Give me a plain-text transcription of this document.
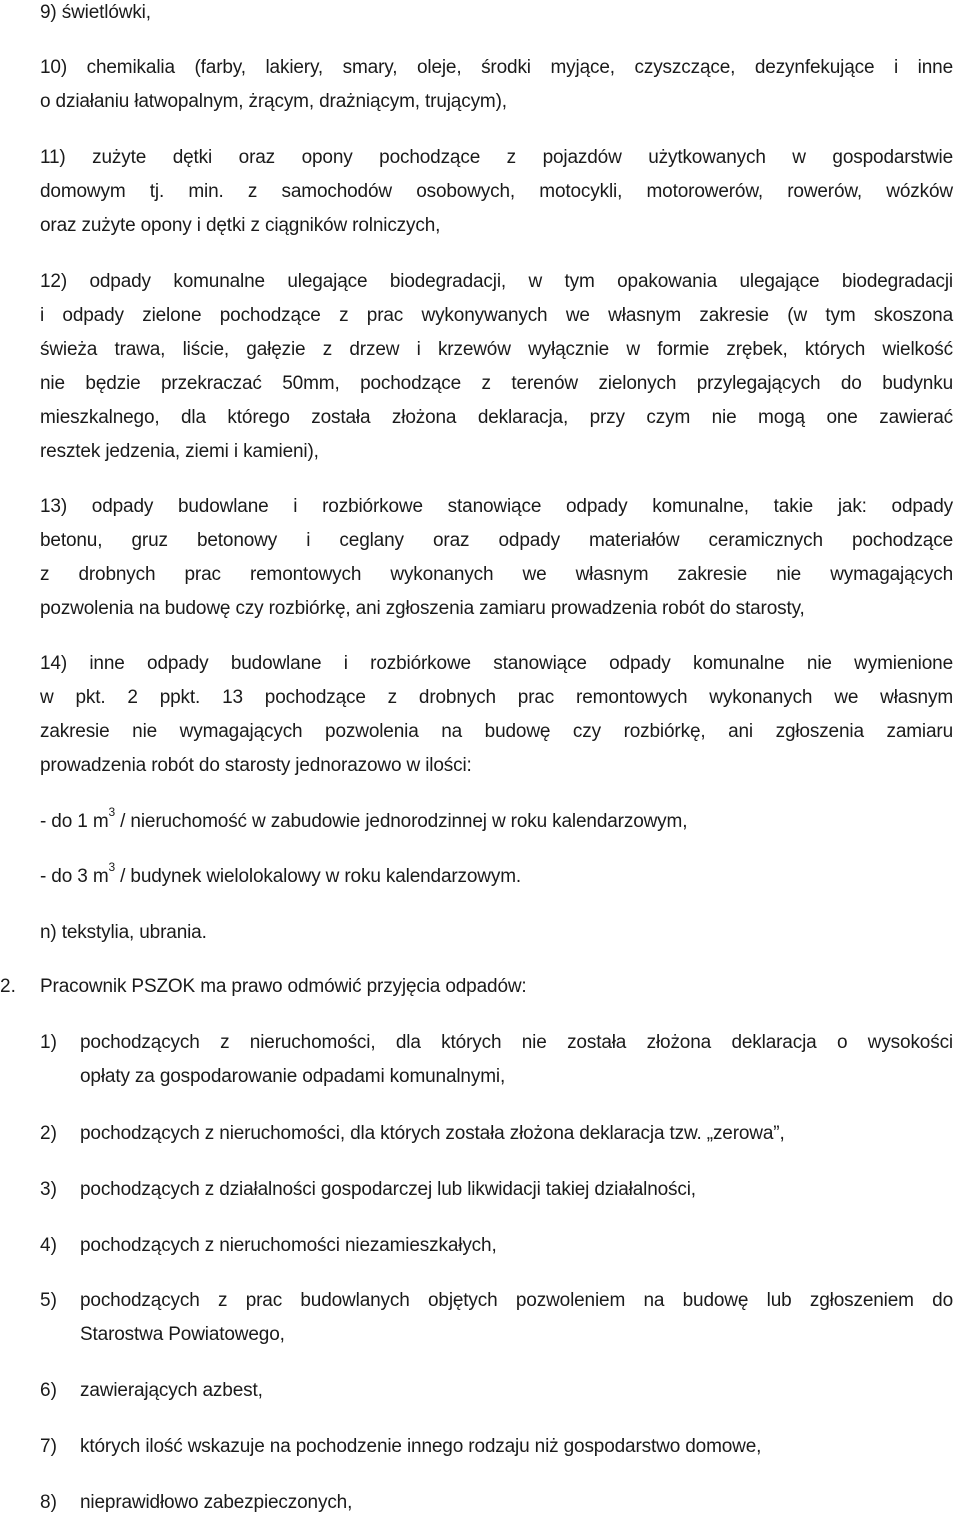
9) świetlówki,
10) chemikalia (farby, lakiery, smary, oleje, środki myjące, czyszczące, dezynfekujące i inne
o działaniu łatwopalnym, żrącym, drażniącym, trującym),
11) zużyte dętki oraz opony pochodzące z pojazdów użytkowanych w gospodarstwie
domowym tj. min. z samochodów osobowych, motocykli, motorowerów, rowerów, wózków
oraz zużyte opony i dętki z ciągników rolniczych,
12) odpady komunalne ulegające biodegradacji, w tym opakowania ulegające biodegradacji
i odpady zielone pochodzące z prac wykonywanych we własnym zakresie (w tym skoszona
świeża trawa, liście, gałęzie z drzew i krzewów wyłącznie w formie zrębek, których wielkość
nie będzie przekraczać 50mm, pochodzące z terenów zielonych przylegających do budynku
mieszkalnego, dla którego została złożona deklaracja, przy czym nie mogą one zawierać
resztek jedzenia, ziemi i kamieni),
13) odpady budowlane i rozbiórkowe stanowiące odpady komunalne, takie jak: odpady
betonu, gruz betonowy i ceglany oraz odpady materiałów ceramicznych pochodzące
z drobnych prac remontowych wykonanych we własnym zakresie nie wymagających
pozwolenia na budowę czy rozbiórkę, ani zgłoszenia zamiaru prowadzenia robót do starosty,
14) inne odpady budowlane i rozbiórkowe stanowiące odpady komunalne nie wymienione
w pkt. 2 ppkt. 13 pochodzące z drobnych prac remontowych wykonanych we własnym
zakresie nie wymagających pozwolenia na budowę czy rozbiórkę, ani zgłoszenia zamiaru
prowadzenia robót do starosty jednorazowo w ilości:
- do 1 $m^3$ / nieruchomość w zabudowie jednorodzinnej w roku kalendarzowym,
- do 3 $m^3$ / budynek wielolokalowy w roku kalendarzowym.
n) tekstylia, ubrania.
2. Pracownik PSZOK ma prawo odmówić przyjęcia odpadów:
1) pochodzących z nieruchomości, dla których nie została złożona deklaracja o wysokości
opłaty za gospodarowanie odpadami komunalnymi,
2) pochodzących z nieruchomości, dla których została złożona deklaracja tzw. „zerowa”,
3) pochodzących z działalności gospodarczej lub likwidacji takiej działalności,
4) pochodzących z nieruchomości niezamieszkałych,
5) pochodzących z prac budowlanych objętych pozwoleniem na budowę lub zgłoszeniem do
Starostwa Powiatowego,
6) zawierających azbest,
7) których ilość wskazuje na pochodzenie innego rodzaju niż gospodarstwo domowe,
8) nieprawidłowo zabezpieczonych,
